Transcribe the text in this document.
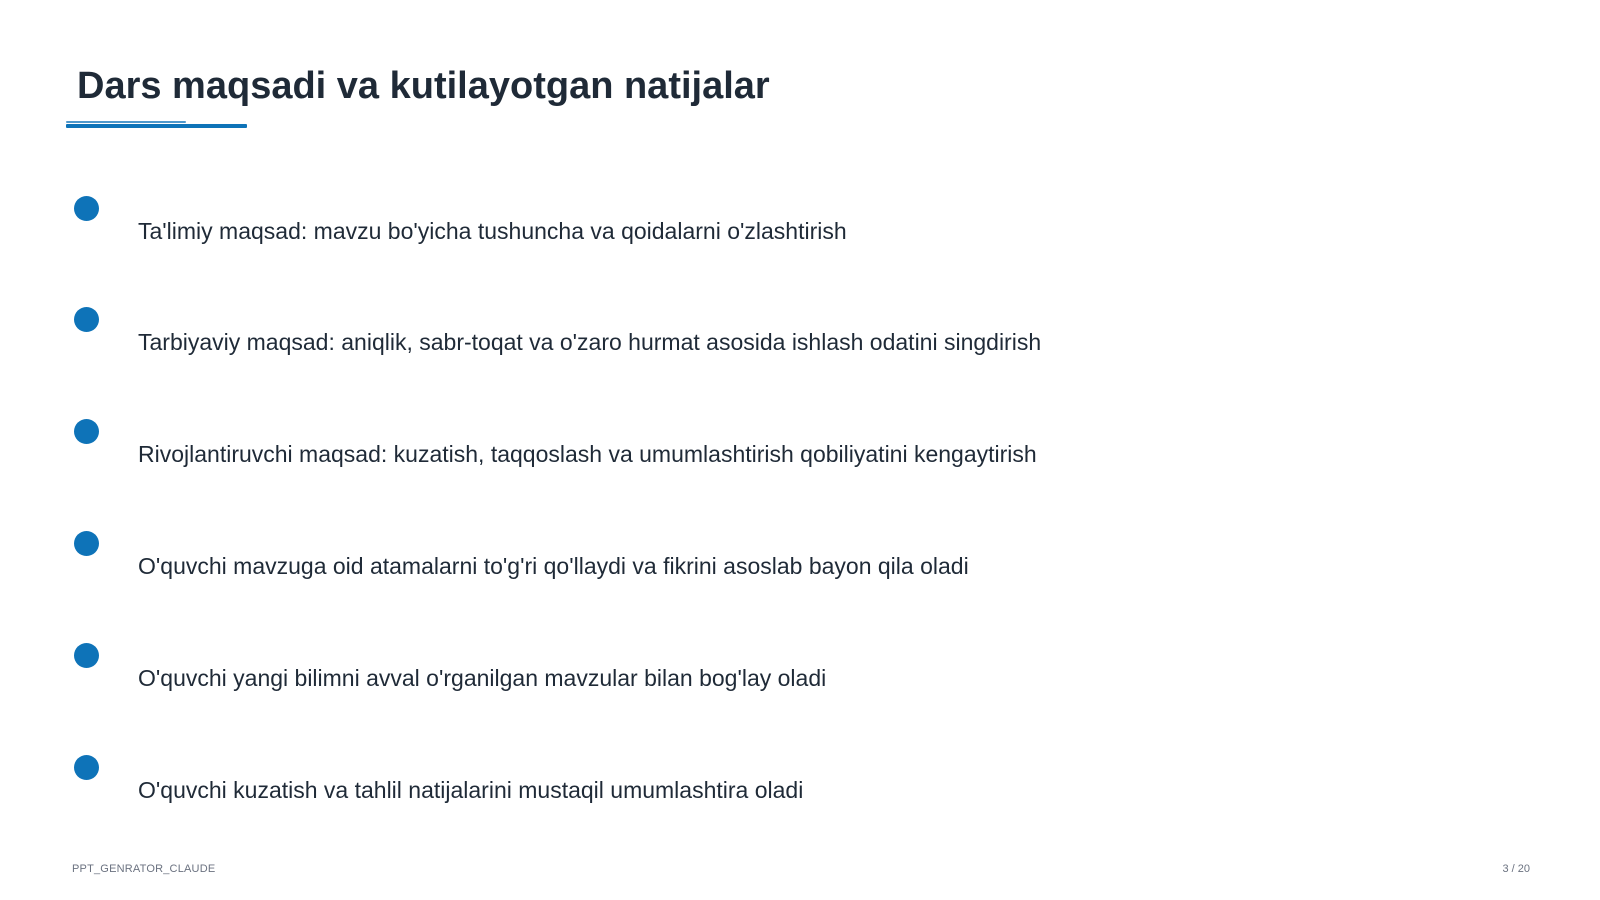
Dars maqsadi va kutilayotgan natijalar
Ta'limiy maqsad: mavzu bo'yicha tushuncha va qoidalarni o'zlashtirish
Tarbiyaviy maqsad: aniqlik, sabr-toqat va o'zaro hurmat asosida ishlash odatini singdirish
Rivojlantiruvchi maqsad: kuzatish, taqqoslash va umumlashtirish qobiliyatini kengaytirish
O'quvchi mavzuga oid atamalarni to'g'ri qo'llaydi va fikrini asoslab bayon qila oladi
O'quvchi yangi bilimni avval o'rganilgan mavzular bilan bog'lay oladi
O'quvchi kuzatish va tahlil natijalarini mustaqil umumlashtira oladi
PPT_GENRATOR_CLAUDE	3 / 20
